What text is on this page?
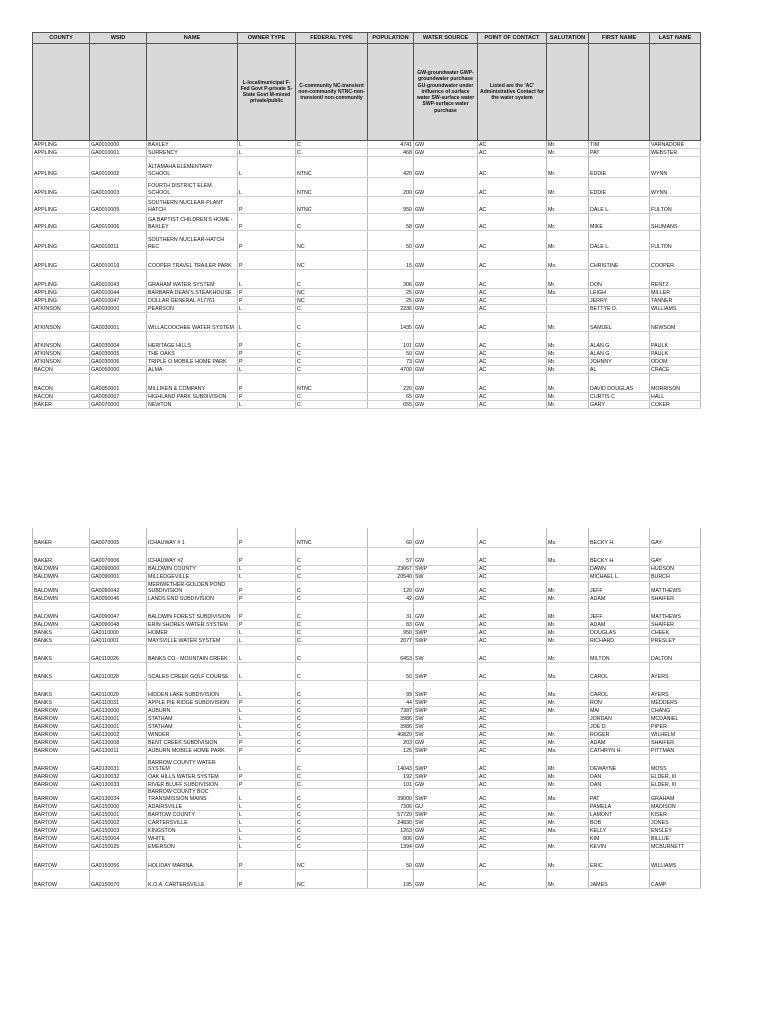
COUNTY	WSID	NAME	OWNER TYPE	FEDERAL TYPE	POPULATION	WATER SOURCE	POINT OF CONTACT	SALUTATION	FIRST NAME	LAST NAME
			L-local/municipal F-Fed Govt P-private S-State Govt M-mixed private/public	C-community NC-transient non-community NTNC-non-transient/ non-community		GW-groundwater GWP-groundwater purchase GU-groundwater under influence of surface water SW-surface water SWP-surface water purchase	Listed are the 'AC' Administrative Contact for the water system			
APPLING	GA0010000	BAXLEY	L	C	4741	GW	AC	Mr.	TIM	VARNADORE
APPLING	GA0010001	SURRENCY	L	C	468	GW	AC	Mr.	PAT	WEBSTER
APPLING	GA0010002	ALTAMAHA ELEMENTARY SCHOOL	L	NTNC	420	GW	AC	Mr.	EDDIE	WYNN
APPLING	GA0010003	FOURTH DISTRICT ELEM. SCHOOL	L	NTNC	200	GW	AC	Mr.	EDDIE	WYNN
APPLING	GA0010005	SOUTHERN NUCLEAR-PLANT HATCH	P	NTNC	950	GW	AC	Mr.	DALE L.	FULTON
APPLING	GA0010006	GA BAPTIST CHILDREN'S HOME - BAXLEY	P	C	58	GW	AC	Mr.	MIKE	SHUMANS
APPLING	GA0010011	SOUTHERN NUCLEAR-HATCH REC	P	NC	50	GW	AC	Mr.	DALE L.	FULTON
APPLING	GA0010019	COOPER TRAVEL TRAILER PARK	P	NC	15	GW	AC	Ms.	CHRISTINE	COOPER
APPLING	GA0010043	GRAHAM WATER SYSTEM	L	C	306	GW	AC	Mr.	DON	RENTZ
APPLING	GA0010044	BARBARA DEAN'S STEAKHOUSE	P	NC	25	GW	AC	Ms.	LEIGH	MILLER
APPLING	GA0010047	DOLLAR GENERAL #17761	P	NC	25	GW	AC		JERRY	TANNER
ATKINSON	GA0030000	PEARSON	L	C	2236	GW	AC		BETTYE D.	WILLIAMS
ATKINSON	GA0030001	WILLACOOCHEE WATER SYSTEM	L	C	1435	GW	AC	Mr.	SAMUEL	NEWSOM
ATKINSON	GA0030004	HERITAGE HILLS	P	C	101	GW	AC	Mr.	ALAN G.	PAULK
ATKINSON	GA0030005	THE OAKS	P	C	50	GW	AC	Mr.	ALAN G.	PAULK
ATKINSON	GA0030006	TRIPLE O MOBILE HOME PARK	P	C	73	GW	AC	Mr.	JOHNNY	ODOM
BACON	GA0050000	ALMA	L	C	4700	GW	AC	Mr.	AL	CRACE
BACON	GA0050001	MILLIKEN & COMPANY	P	NTNC	220	GW	AC	Mr.	DAVID DOUGLAS	MORRISON
BACON	GA0050007	HIGHLAND PARK SUBDIVISION	P	C	65	GW	AC	Mr.	CURTIS C	HALL
BAKER	GA0070000	NEWTON	L	C	655	GW	AC	Mr.	GARY	COKER
BAKER	GA0070005	ICHAUWAY # 1	P	NTNC	60	GW	AC	Ms.	BECKY H.	GAY
BAKER	GA0070006	ICHAUWAY #2	P	C	57	GW	AC	Ms.	BECKY H.	GAY
BALDWIN	GA0090000	BALDWIN COUNTY	L	C	23067	SWP	AC		DAWN	HUDSON
BALDWIN	GA0090001	MILLEDGEVILLE	L	C	20540	SW	AC		MICHAEL L.	BURCH
BALDWIN	GA0090042	MERIWETHER-GOLDEN POND SUBDIVISION	P	C	120	GW	AC	Mr.	JEFF	MATTHEWS
BALDWIN	GA0090046	LANDS END SUBDIVISION	P	C	42	GW	AC	Mr.	ADAM	SHAIFER
BALDWIN	GA0090047	BALDWIN FOREST SUBDIVISION	P	C	31	GW	AC	Mr.	JEFF	MATTHEWS
BALDWIN	GA0090048	ERIN SHORES WATER SYSTEM	P	C	83	GW	AC	Mr.	ADAM	SHAIFER
BANKS	GA0110000	HOMER	L	C	950	SWP	AC	Mr.	DOUGLAS	CHEEK
BANKS	GA0110001	MAYSVILLE WATER SYSTEM	L	C	2077	SWP	AC	Mr.	RICHARD	PRESLEY
BANKS	GA0110026	BANKS CO - MOUNTAIN CREEK	L	C	6453	SW	AC	Mr.	MILTON	DALTON
BANKS	GA0110028	SCALES CREEK GOLF COURSE	L	C	50	SWP	AC	Ms.	CAROL	AYERS
BANKS	GA0110029	HIDDEN LAKE SUBDIVISION	L	C	99	SWP	AC	Ms.	CAROL	AYERS
BANKS	GA0110031	APPLE PIE RIDGE SUBDIVISION	P	C	44	SWP	AC	Mr.	RON	MEDDERS
BARROW	GA0130000	AUBURN	L	C	7387	SWP	AC	Mr.	MAI	CHANG
BARROW	GA0130001	STATHAM	L	C	3986	SW	AC		JORDAN	MCDANIEL
BARROW	GA0130001	STATHAM	L	C	3986	SW	AC		JOE D.	PIPER
BARROW	GA0130002	WINDER	L	C	40820	SW	AC	Mr.	ROGER	WILHELM
BARROW	GA0130008	BENT CREEK SUBDIVISION	P	C	203	GW	AC	Mr.	ADAM	SHAIFER
BARROW	GA0130011	AUBURN MOBILE HOME PARK	P	C	125	SWP	AC	Ms.	CATHRYN H.	PITTMAN
BARROW	GA0130031	BARROW COUNTY WATER SYSTEM	L	C	14043	SWP	AC	Mr.	DEWAYNE	MOSS
BARROW	GA0130032	OAK HILLS WATER SYSTEM	P	C	192	SWP	AC	Mr.	DAN	ELDER, III
BARROW	GA0130033	RIVER BLUFF SUBDIVISION	P	C	101	GW	AC	Mr.	DAN	ELDER, III
BARROW	GA0130034	BARROW COUNTY BOC TRANSMISSION MAINS	L	C	39000	SWP	AC	Ms.	PAT	GRAHAM
BARTOW	GA0150000	ADAIRSVILLE	L	C	7306	GU	AC		PAMELA	MADISON
BARTOW	GA0150001	BARTOW COUNTY	L	C	57720	SWP	AC	Mr.	LAMONT	KISER
BARTOW	GA0150002	CARTERSVILLE	L	C	24830	SW	AC	Mr.	BOB	JONES
BARTOW	GA0150003	KINGSTON	L	C	1263	GW	AC	Ms.	KELLY	ENSLEY
BARTOW	GA0150004	WHITE	L	C	806	GW	AC		KIM	BILLUE
BARTOW	GA0150025	EMERSON	L	C	1394	GW	AC	Mr.	KEVIN	MCBURNETT
BARTOW	GA0150056	HOLIDAY MARINA	P	NC	50	GW	AC	Mr.	ERIC	WILLIAMS
BARTOW	GA0150070	K.O.A. CARTERSVILLE	P	NC	195	GW	AC	Mr.	JAMES	CAMP
